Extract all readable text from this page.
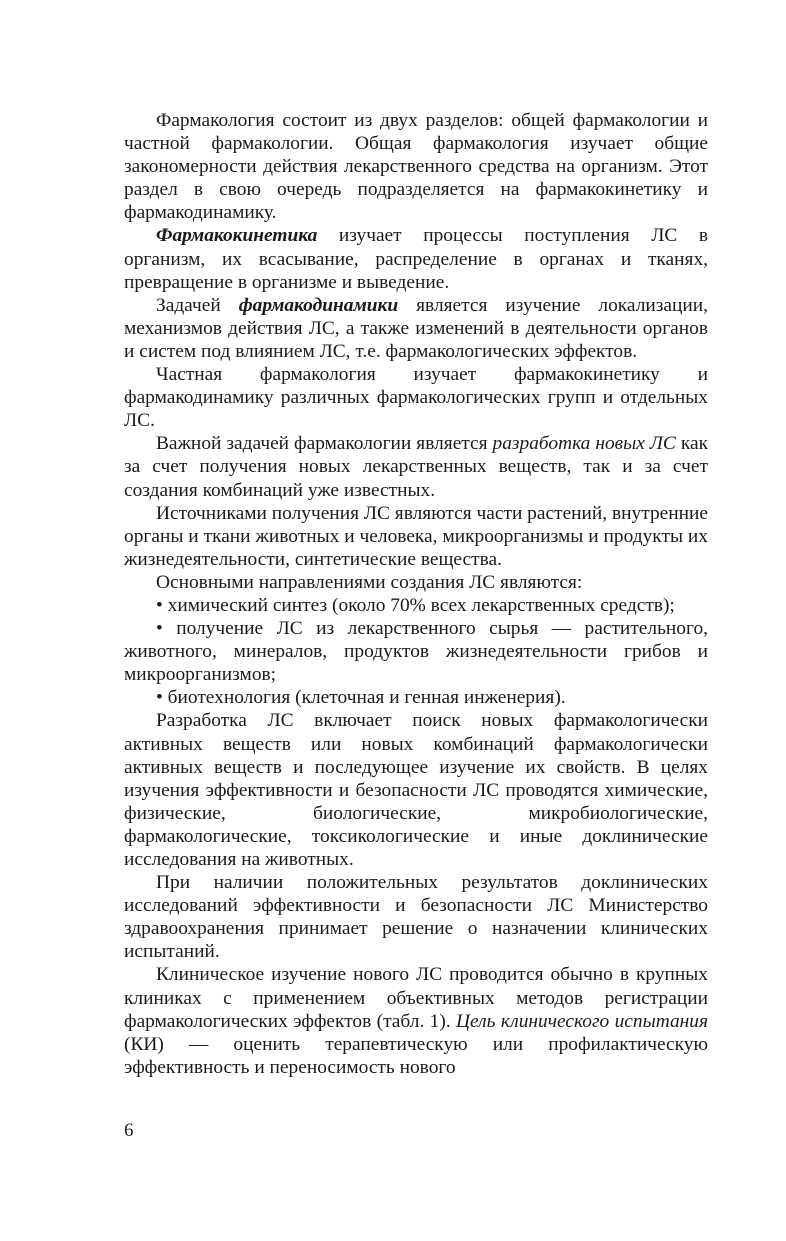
Фармакология состоит из двух разделов: общей фармакологии и частной фармакологии. Общая фармакология изучает общие закономерности действия лекарственного средства на организм. Этот раздел в свою очередь подразделяется на фармакокинетику и фармакодинамику.

Фармакокинетика изучает процессы поступления ЛС в организм, их всасывание, распределение в органах и тканях, превращение в организме и выведение.

Задачей фармакодинамики является изучение локализации, механизмов действия ЛС, а также изменений в деятельности органов и систем под влиянием ЛС, т.е. фармакологических эффектов.

Частная фармакология изучает фармакокинетику и фармакодинамику различных фармакологических групп и отдельных ЛС.

Важной задачей фармакологии является разработка новых ЛС как за счет получения новых лекарственных веществ, так и за счет создания комбинаций уже известных.

Источниками получения ЛС являются части растений, внутренние органы и ткани животных и человека, микроорганизмы и продукты их жизнедеятельности, синтетические вещества.

Основными направлениями создания ЛС являются:

• химический синтез (около 70% всех лекарственных средств);

• получение ЛС из лекарственного сырья — растительного, животного, минералов, продуктов жизнедеятельности грибов и микроорганизмов;

• биотехнология (клеточная и генная инженерия).

Разработка ЛС включает поиск новых фармакологически активных веществ или новых комбинаций фармакологически активных веществ и последующее изучение их свойств. В целях изучения эффективности и безопасности ЛС проводятся химические, физические, биологические, микробиологические, фармакологические, токсикологические и иные доклинические исследования на животных.

При наличии положительных результатов доклинических исследований эффективности и безопасности ЛС Министерство здравоохранения принимает решение о назначении клинических испытаний.

Клиническое изучение нового ЛС проводится обычно в крупных клиниках с применением объективных методов регистрации фармакологических эффектов (табл. 1). Цель клинического испытания (КИ) — оценить терапевтическую или профилактическую эффективность и переносимость нового

6
